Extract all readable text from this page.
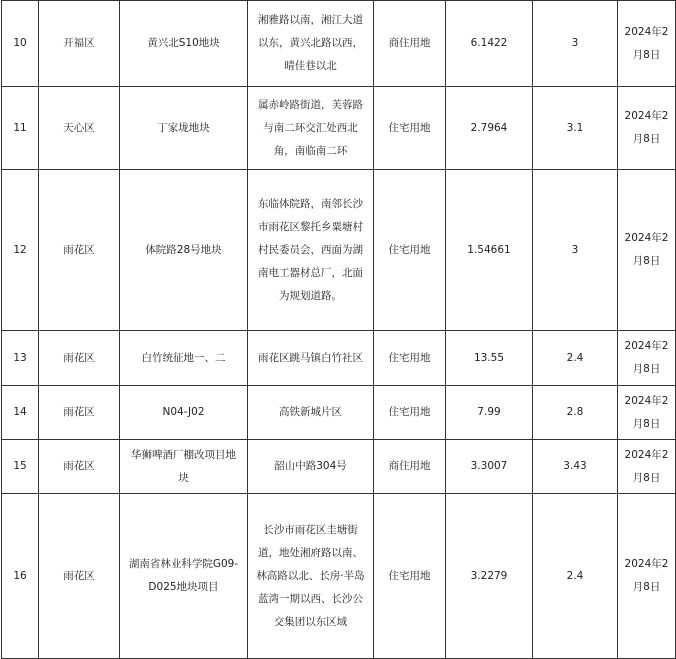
10	开福区	黄兴北S10地块	湘雅路以南，湘江大道以东，黄兴北路以西，晴佳巷以北	商住用地	6.1422	3	2024年2月8日
11	天心区	丁家垅地块	属赤岭路街道，芙蓉路与南二环交汇处西北角，南临南二环	住宅用地	2.7964	3.1	2024年2月8日
12	雨花区	体院路28号地块	东临体院路，南邻长沙市雨花区黎托乡粟塘村村民委员会，西面为湖南电工器材总厂，北面为规划道路。	住宅用地	1.54661	3	2024年2月8日
13	雨花区	白竹统征地一、二	雨花区跳马镇白竹社区	住宅用地	13.55	2.4	2024年2月8日
14	雨花区	N04-J02	高铁新城片区	住宅用地	7.99	2.8	2024年2月8日
15	雨花区	华狮啤酒厂棚改项目地块	韶山中路304号	商住用地	3.3007	3.43	2024年2月8日
16	雨花区	湖南省林业科学院G09-D025地块项目	长沙市雨花区圭塘街道，地处湘府路以南、林高路以北、长房·半岛蓝湾一期以西、长沙公交集团以东区域	住宅用地	3.2279	2.4	2024年2月8日
